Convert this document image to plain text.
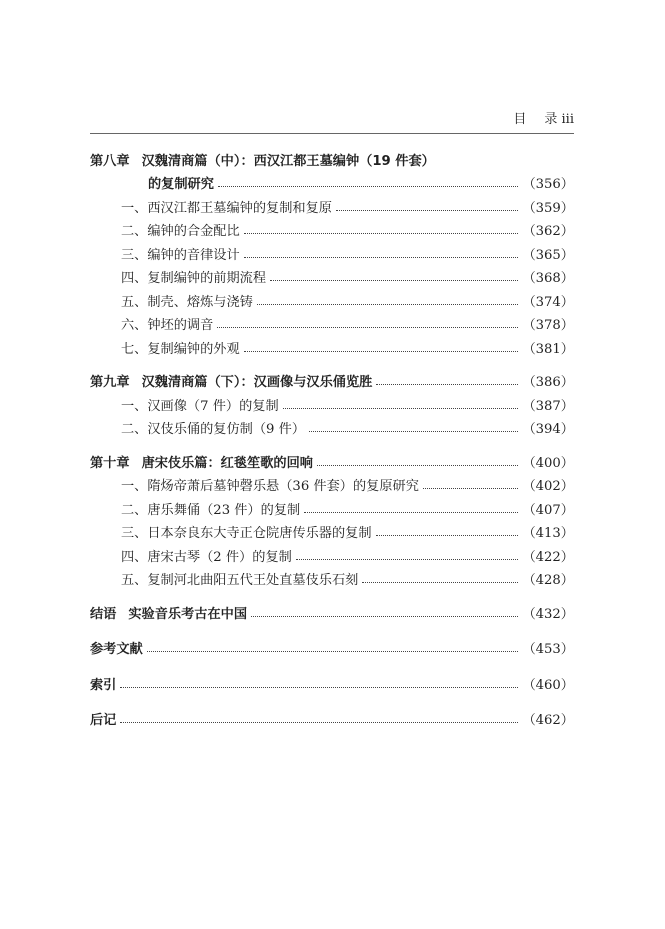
目 录 iii
第八章 汉魏清商篇（中）：西汉江都王墓编钟（19 件套）
的复制研究	（356）
一、西汉江都王墓编钟的复制和复原	（359）
二、编钟的合金配比	（362）
三、编钟的音律设计	（365）
四、复制编钟的前期流程	（368）
五、制壳、熔炼与浇铸	（374）
六、钟坯的调音	（378）
七、复制编钟的外观	（381）
第九章 汉魏清商篇（下）：汉画像与汉乐俑览胜	（386）
一、汉画像（7 件）的复制	（387）
二、汉伎乐俑的复仿制（9 件）	（394）
第十章 唐宋伎乐篇：红毯笙歌的回响	（400）
一、隋炀帝萧后墓钟磬乐悬（36 件套）的复原研究	（402）
二、唐乐舞俑（23 件）的复制	（407）
三、日本奈良东大寺正仓院唐传乐器的复制	（413）
四、唐宋古琴（2 件）的复制	（422）
五、复制河北曲阳五代王处直墓伎乐石刻	（428）
结语 实验音乐考古在中国	（432）
参考文献	（453）
索引	（460）
后记	（462）
